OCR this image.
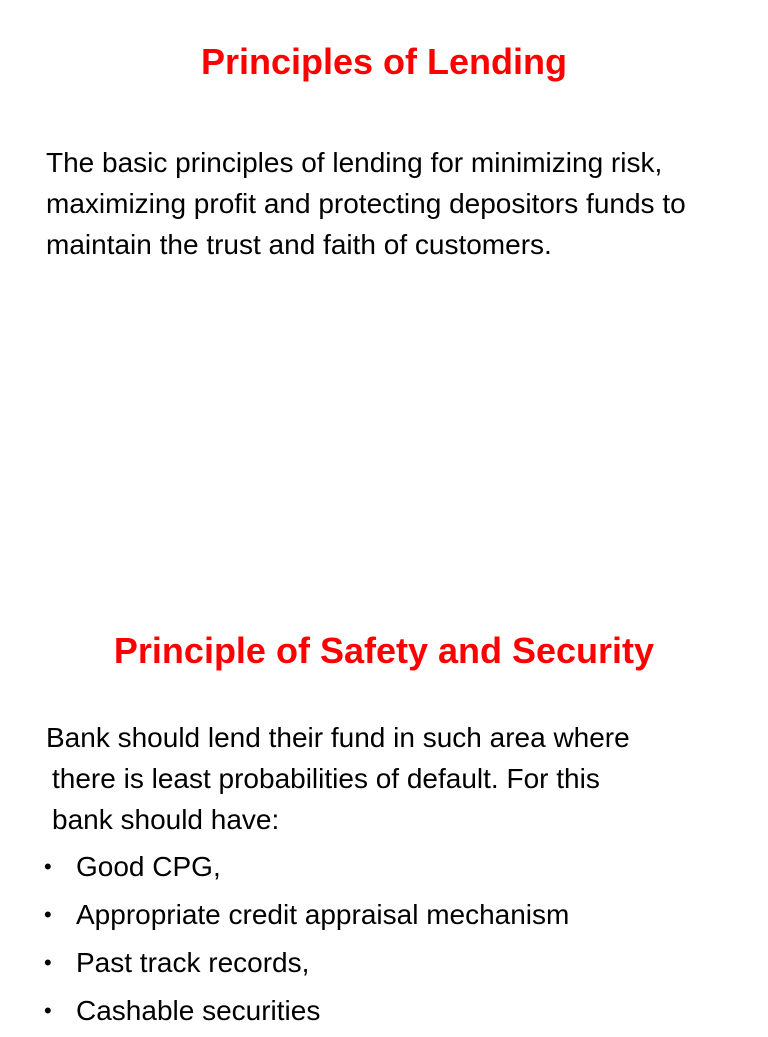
Principles of Lending

The basic principles of lending for minimizing risk, maximizing profit and protecting depositors funds to maintain the trust and faith of customers.

Principle of Safety and Security

Bank should lend their fund in such area where
there is least probabilities of default. For this
bank should have:

• Good CPG,
• Appropriate credit appraisal mechanism
• Past track records,
• Cashable securities
